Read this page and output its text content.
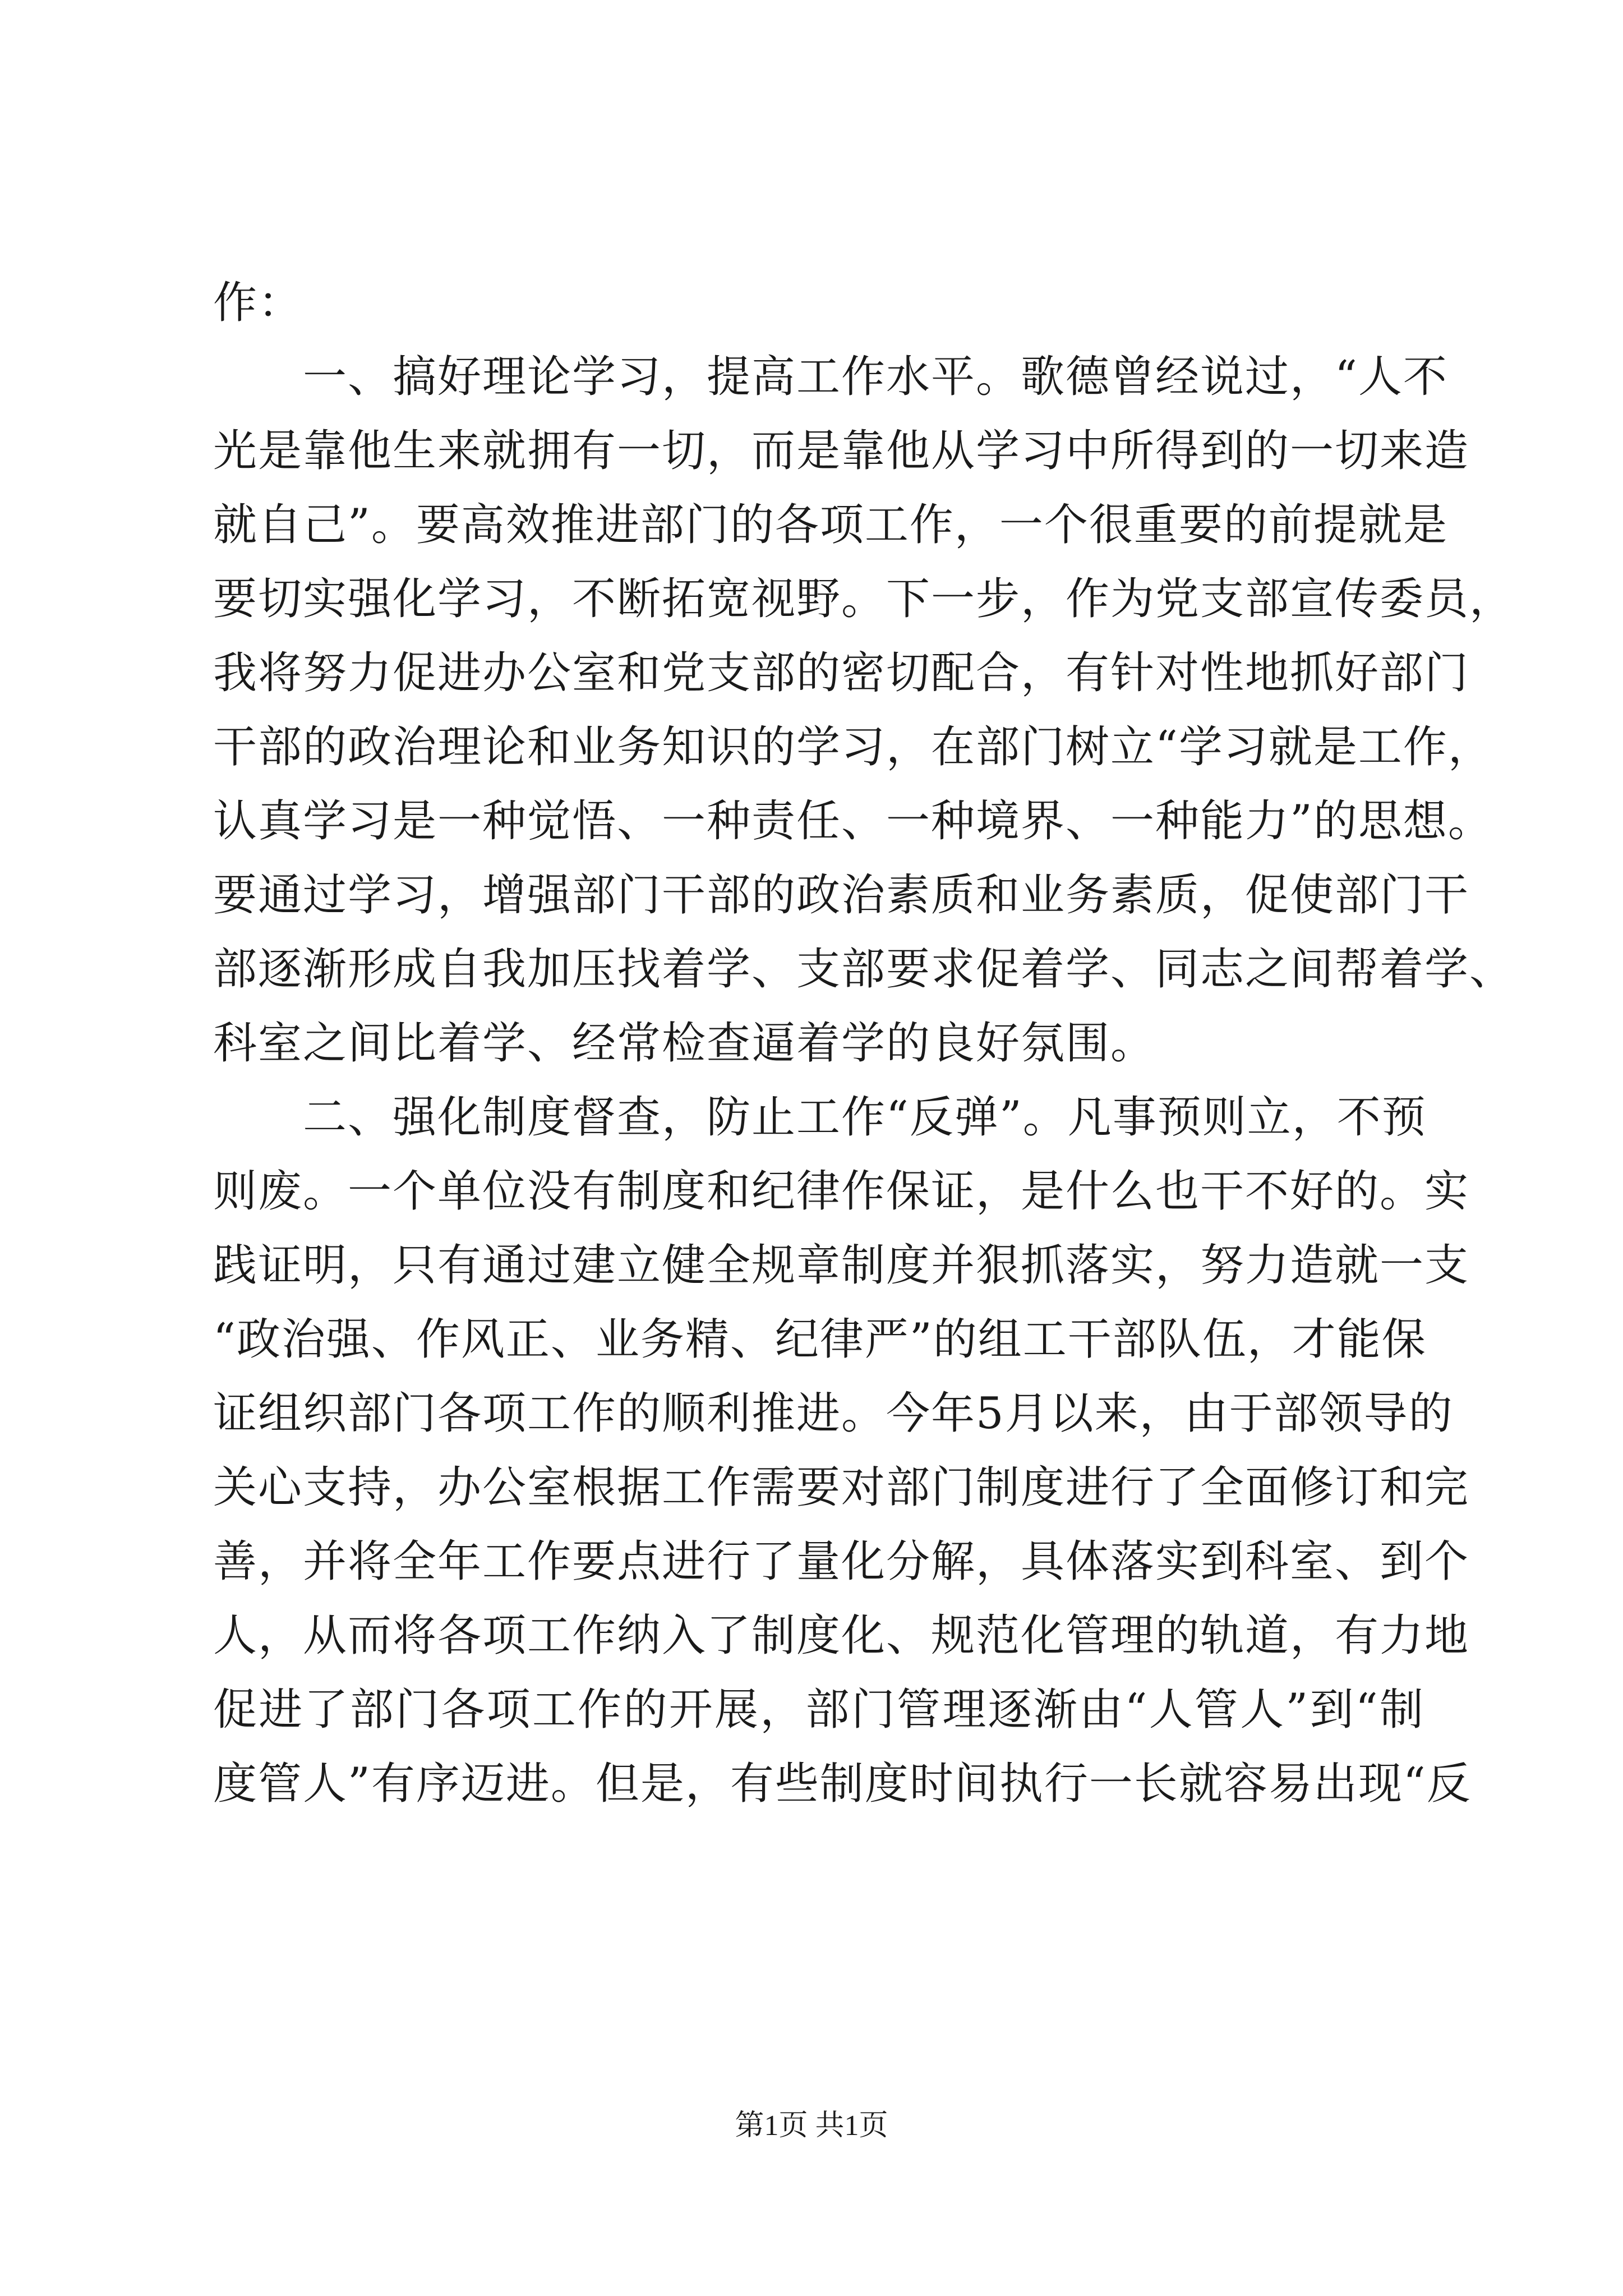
作：
　　一、搞好理论学习，提高工作水平。歌德曾经说过，“人不
光是靠他生来就拥有一切，而是靠他从学习中所得到的一切来造
就自己”。要高效推进部门的各项工作，一个很重要的前提就是
要切实强化学习，不断拓宽视野。下一步，作为党支部宣传委员，
我将努力促进办公室和党支部的密切配合，有针对性地抓好部门
干部的政治理论和业务知识的学习，在部门树立“学习就是工作，
认真学习是一种觉悟、一种责任、一种境界、一种能力”的思想。
要通过学习，增强部门干部的政治素质和业务素质，促使部门干
部逐渐形成自我加压找着学、支部要求促着学、同志之间帮着学、
科室之间比着学、经常检查逼着学的良好氛围。
　　二、强化制度督查，防止工作“反弹”。凡事预则立，不预
则废。一个单位没有制度和纪律作保证，是什么也干不好的。实
践证明，只有通过建立健全规章制度并狠抓落实，努力造就一支
“政治强、作风正、业务精、纪律严”的组工干部队伍，才能保
证组织部门各项工作的顺利推进。今年5月以来，由于部领导的
关心支持，办公室根据工作需要对部门制度进行了全面修订和完
善，并将全年工作要点进行了量化分解，具体落实到科室、到个
人，从而将各项工作纳入了制度化、规范化管理的轨道，有力地
促进了部门各项工作的开展，部门管理逐渐由“人管人”到“制
度管人”有序迈进。但是，有些制度时间执行一长就容易出现“反
第1页 共1页
